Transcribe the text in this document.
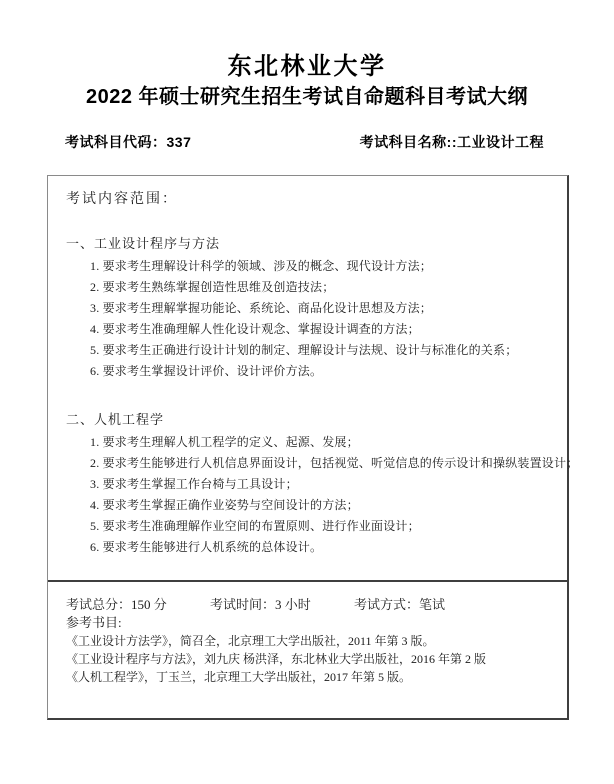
东北林业大学
2022 年硕士研究生招生考试自命题科目考试大纲
考试科目代码：337	考试科目名称::工业设计工程
考试内容范围：
一、工业设计程序与方法
1. 要求考生理解设计科学的领域、涉及的概念、现代设计方法；
2. 要求考生熟练掌握创造性思维及创造技法；
3. 要求考生理解掌握功能论、系统论、商品化设计思想及方法；
4. 要求考生准确理解人性化设计观念、掌握设计调查的方法；
5. 要求考生正确进行设计计划的制定、理解设计与法规、设计与标准化的关系；
6. 要求考生掌握设计评价、设计评价方法。
二、人机工程学
1. 要求考生理解人机工程学的定义、起源、发展；
2. 要求考生能够进行人机信息界面设计，包括视觉、听觉信息的传示设计和操纵装置设计；
3. 要求考生掌握工作台椅与工具设计；
4. 要求考生掌握正确作业姿势与空间设计的方法；
5. 要求考生准确理解作业空间的布置原则、进行作业面设计；
6. 要求考生能够进行人机系统的总体设计。
考试总分：150 分	考试时间：3 小时	考试方式：笔试
参考书目:
《工业设计方法学》，简召全，北京理工大学出版社，2011 年第 3 版。
《工业设计程序与方法》，刘九庆 杨洪泽，东北林业大学出版社，2016 年第 2 版
《人机工程学》，丁玉兰，北京理工大学出版社，2017 年第 5 版。
